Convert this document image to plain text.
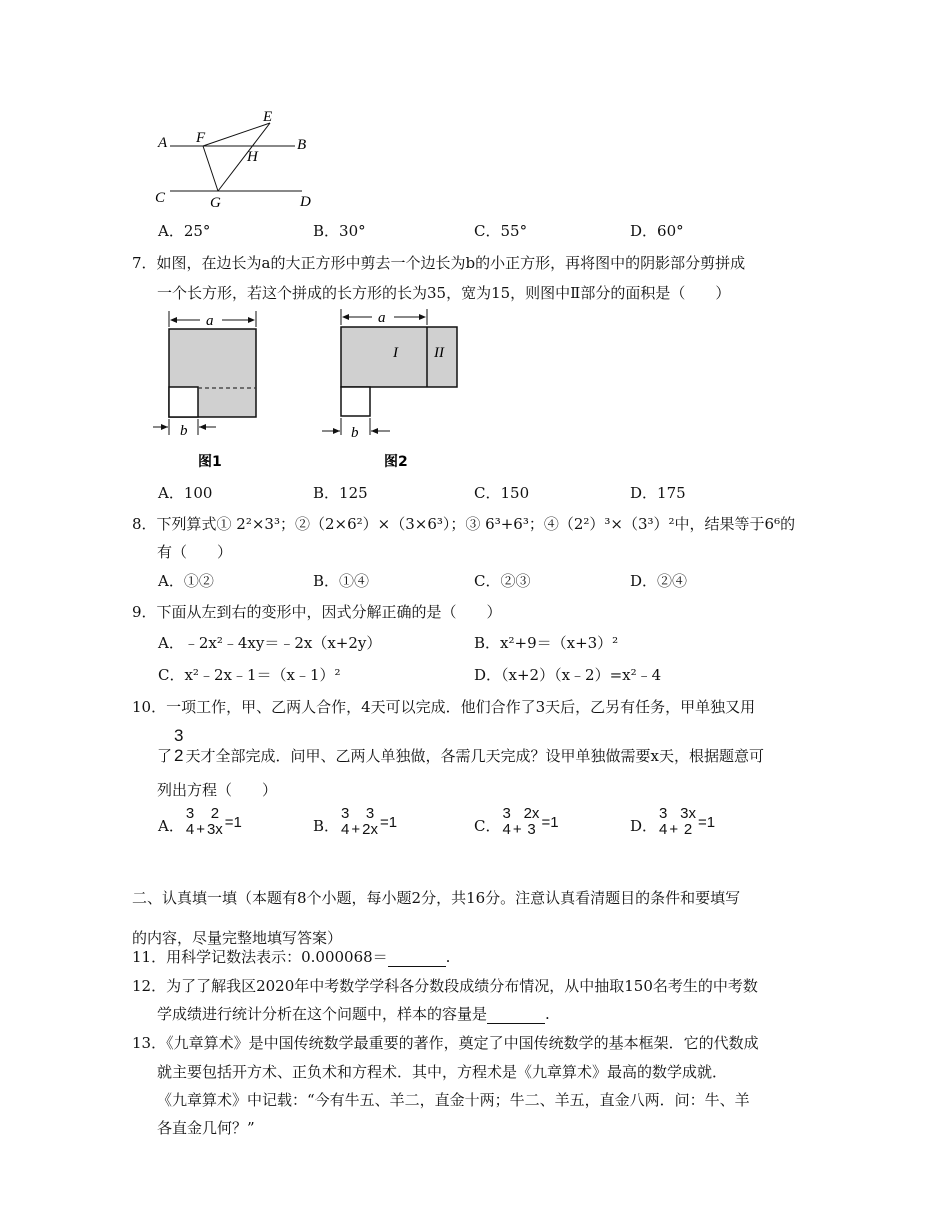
A F
E
B
H
C	G	D
A．25°	B．30°	C．55°	D．60°
7．如图，在边长为a的大正方形中剪去一个边长为b的小正方形，再将图中的阴影部分剪拼成
一个长方形，若这个拼成的长方形的长为35，宽为15，则图中Ⅱ部分的面积是（　　）
a
b
图1
a
I II
b
图2
A．100	B．125	C．150	D．175
8．下列算式① 2²×3³；②（2×6²）×（3×6³）；③ 6³+6³；④（2²）³×（3³）²中，结果等于6⁶的
有（　　）
A．①②	B．①④	C．②③	D．②④
9．下面从左到右的变形中，因式分解正确的是（　　）
A．﹣2x²﹣4xy＝﹣2x（x+2y）	B．x²+9＝（x+3）²
C．x²﹣2x﹣1＝（x﹣1）²	D．（x+2）（x﹣2）=x²﹣4
10．一项工作，甲、乙两人合作，4天可以完成．他们合作了3天后，乙另有任务，甲单独又用
了
3
2 天才全部完成．问甲、乙两人单独做，各需几天完成？设甲单独做需要x天，根据题意可
列出方程（　　）
A．
3
4 +
2
3x =1	B．
3
4 +
3
2x =1	C．
3
4 +
2x
3 =1	D．
3
4 +
3x
2 =1
二、认真填一填（本题有8个小题，每小题2分，共16分。注意认真看清题目的条件和要填写
的内容，尽量完整地填写答案）
11．用科学记数法表示：0.000068＝	.
12．为了了解我区2020年中考数学学科各分数段成绩分布情况，从中抽取150名考生的中考数
学成绩进行统计分析在这个问题中，样本的容量是	.
13．《九章算术》是中国传统数学最重要的著作，奠定了中国传统数学的基本框架．它的代数成
就主要包括开方术、正负术和方程术．其中，方程术是《九章算术》最高的数学成就．
《九章算术》中记载：“今有牛五、羊二，直金十两；牛二、羊五，直金八两．问：牛、羊
各直金几何？”
